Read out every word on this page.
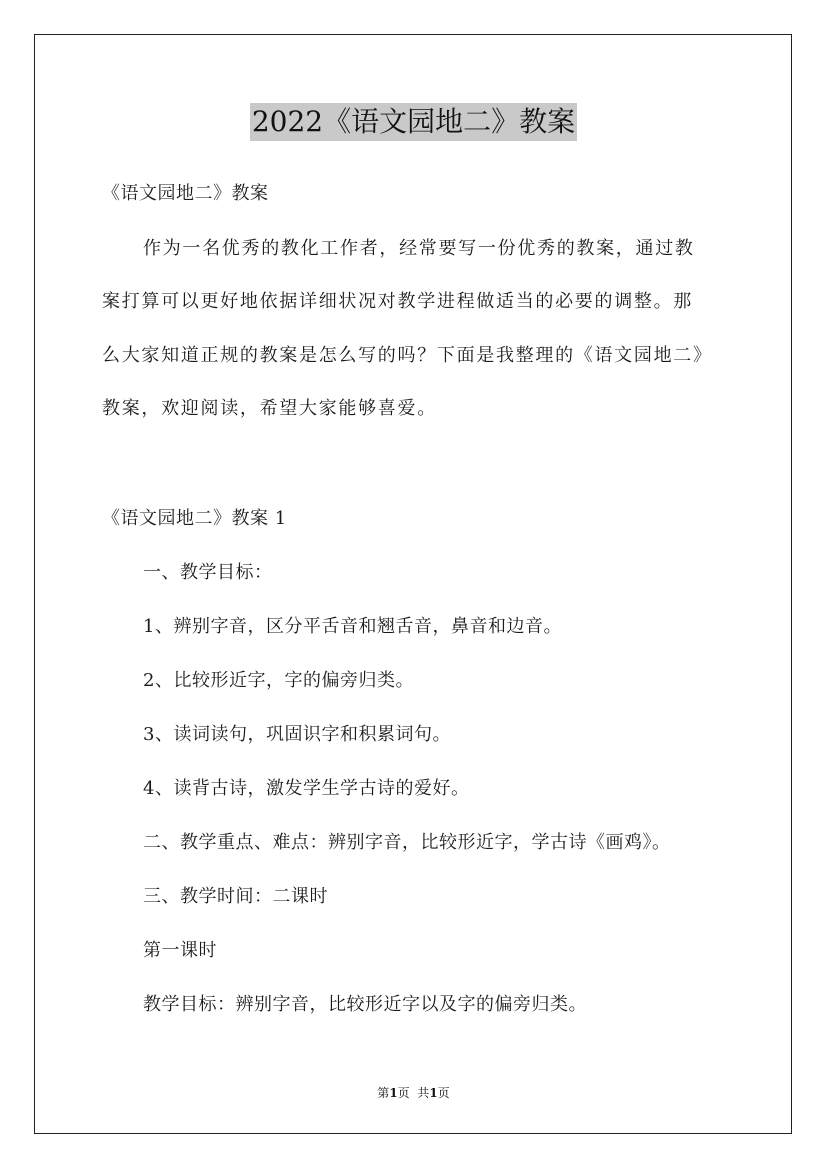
2022《语文园地二》教案
《语文园地二》教案
作为一名优秀的教化工作者，经常要写一份优秀的教案，通过教
案打算可以更好地依据详细状况对教学进程做适当的必要的调整。那
么大家知道正规的教案是怎么写的吗？下面是我整理的《语文园地二》
教案，欢迎阅读，希望大家能够喜爱。
《语文园地二》教案 1
一、教学目标：
1、辨别字音，区分平舌音和翘舌音，鼻音和边音。
2、比较形近字，字的偏旁归类。
3、读词读句，巩固识字和积累词句。
4、读背古诗，激发学生学古诗的爱好。
二、教学重点、难点：辨别字音，比较形近字，学古诗《画鸡》。
三、教学时间：二课时
第一课时
教学目标：辨别字音，比较形近字以及字的偏旁归类。
第1页  共1页
